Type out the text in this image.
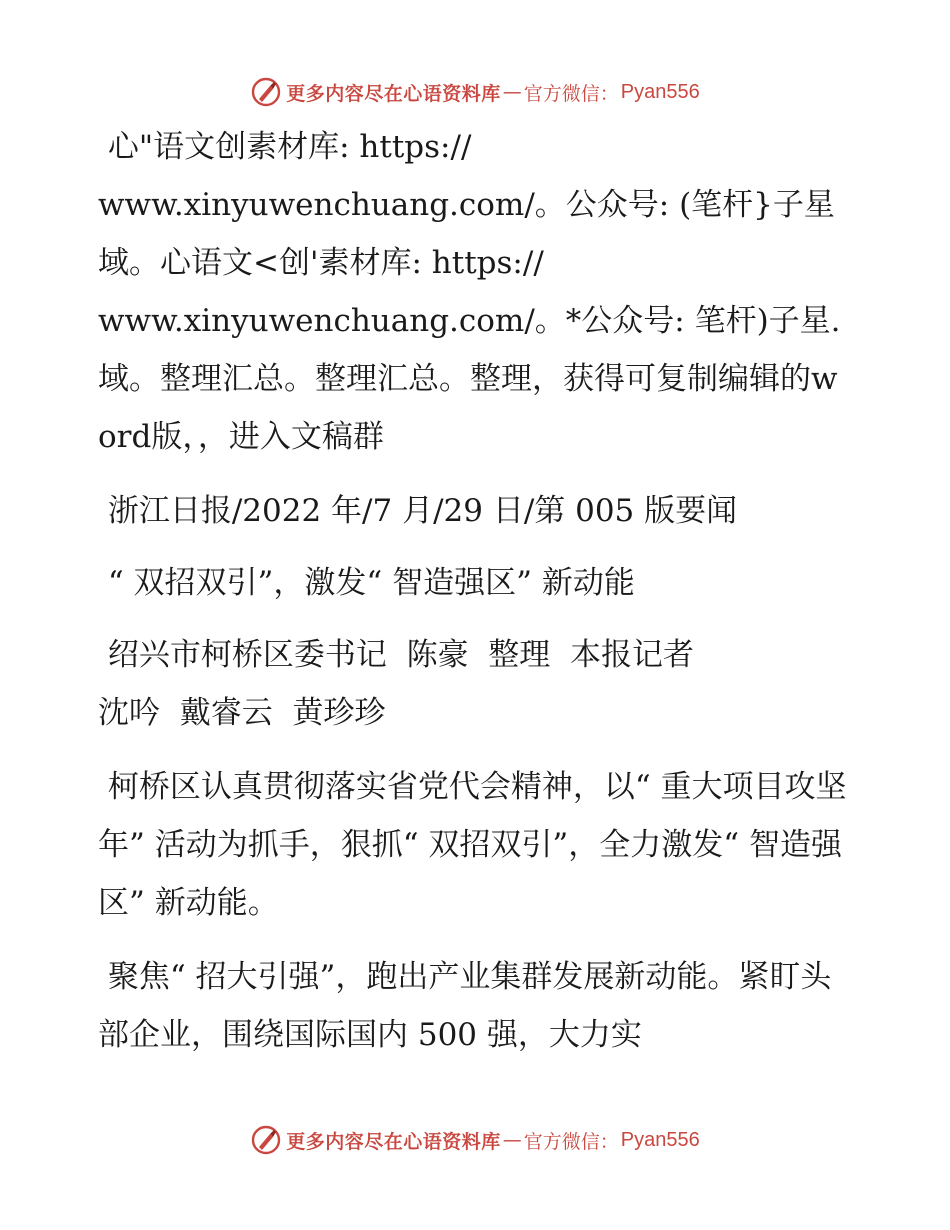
更多内容尽在心语资料库 — 官方微信： Pyan556

心"语文创素材库: https://
www.xinyuwenchuang.com/。公众号: (笔杆}子星域。心语文<创'素材库: https://
www.xinyuwenchuang.com/。*公众号: 笔杆)子星.域。整理汇总。整理汇总。整理，获得可复制编辑的w ord版，，进入文稿群

浙江日报/2022 年/7 月/29 日/第 005 版要闻

“ 双招双引”，激发“ 智造强区” 新动能

绍兴市柯桥区委书记  陈豪  整理  本报记者
沈吟  戴睿云  黄珍珍

柯桥区认真贯彻落实省党代会精神，以“ 重大项目攻坚年” 活动为抓手，狠抓“ 双招双引”，全力激发“ 智造强区” 新动能。

聚焦“ 招大引强”，跑出产业集群发展新动能。紧盯头部企业，围绕国际国内 500 强，大力实

更多内容尽在心语资料库 — 官方微信： Pyan556
